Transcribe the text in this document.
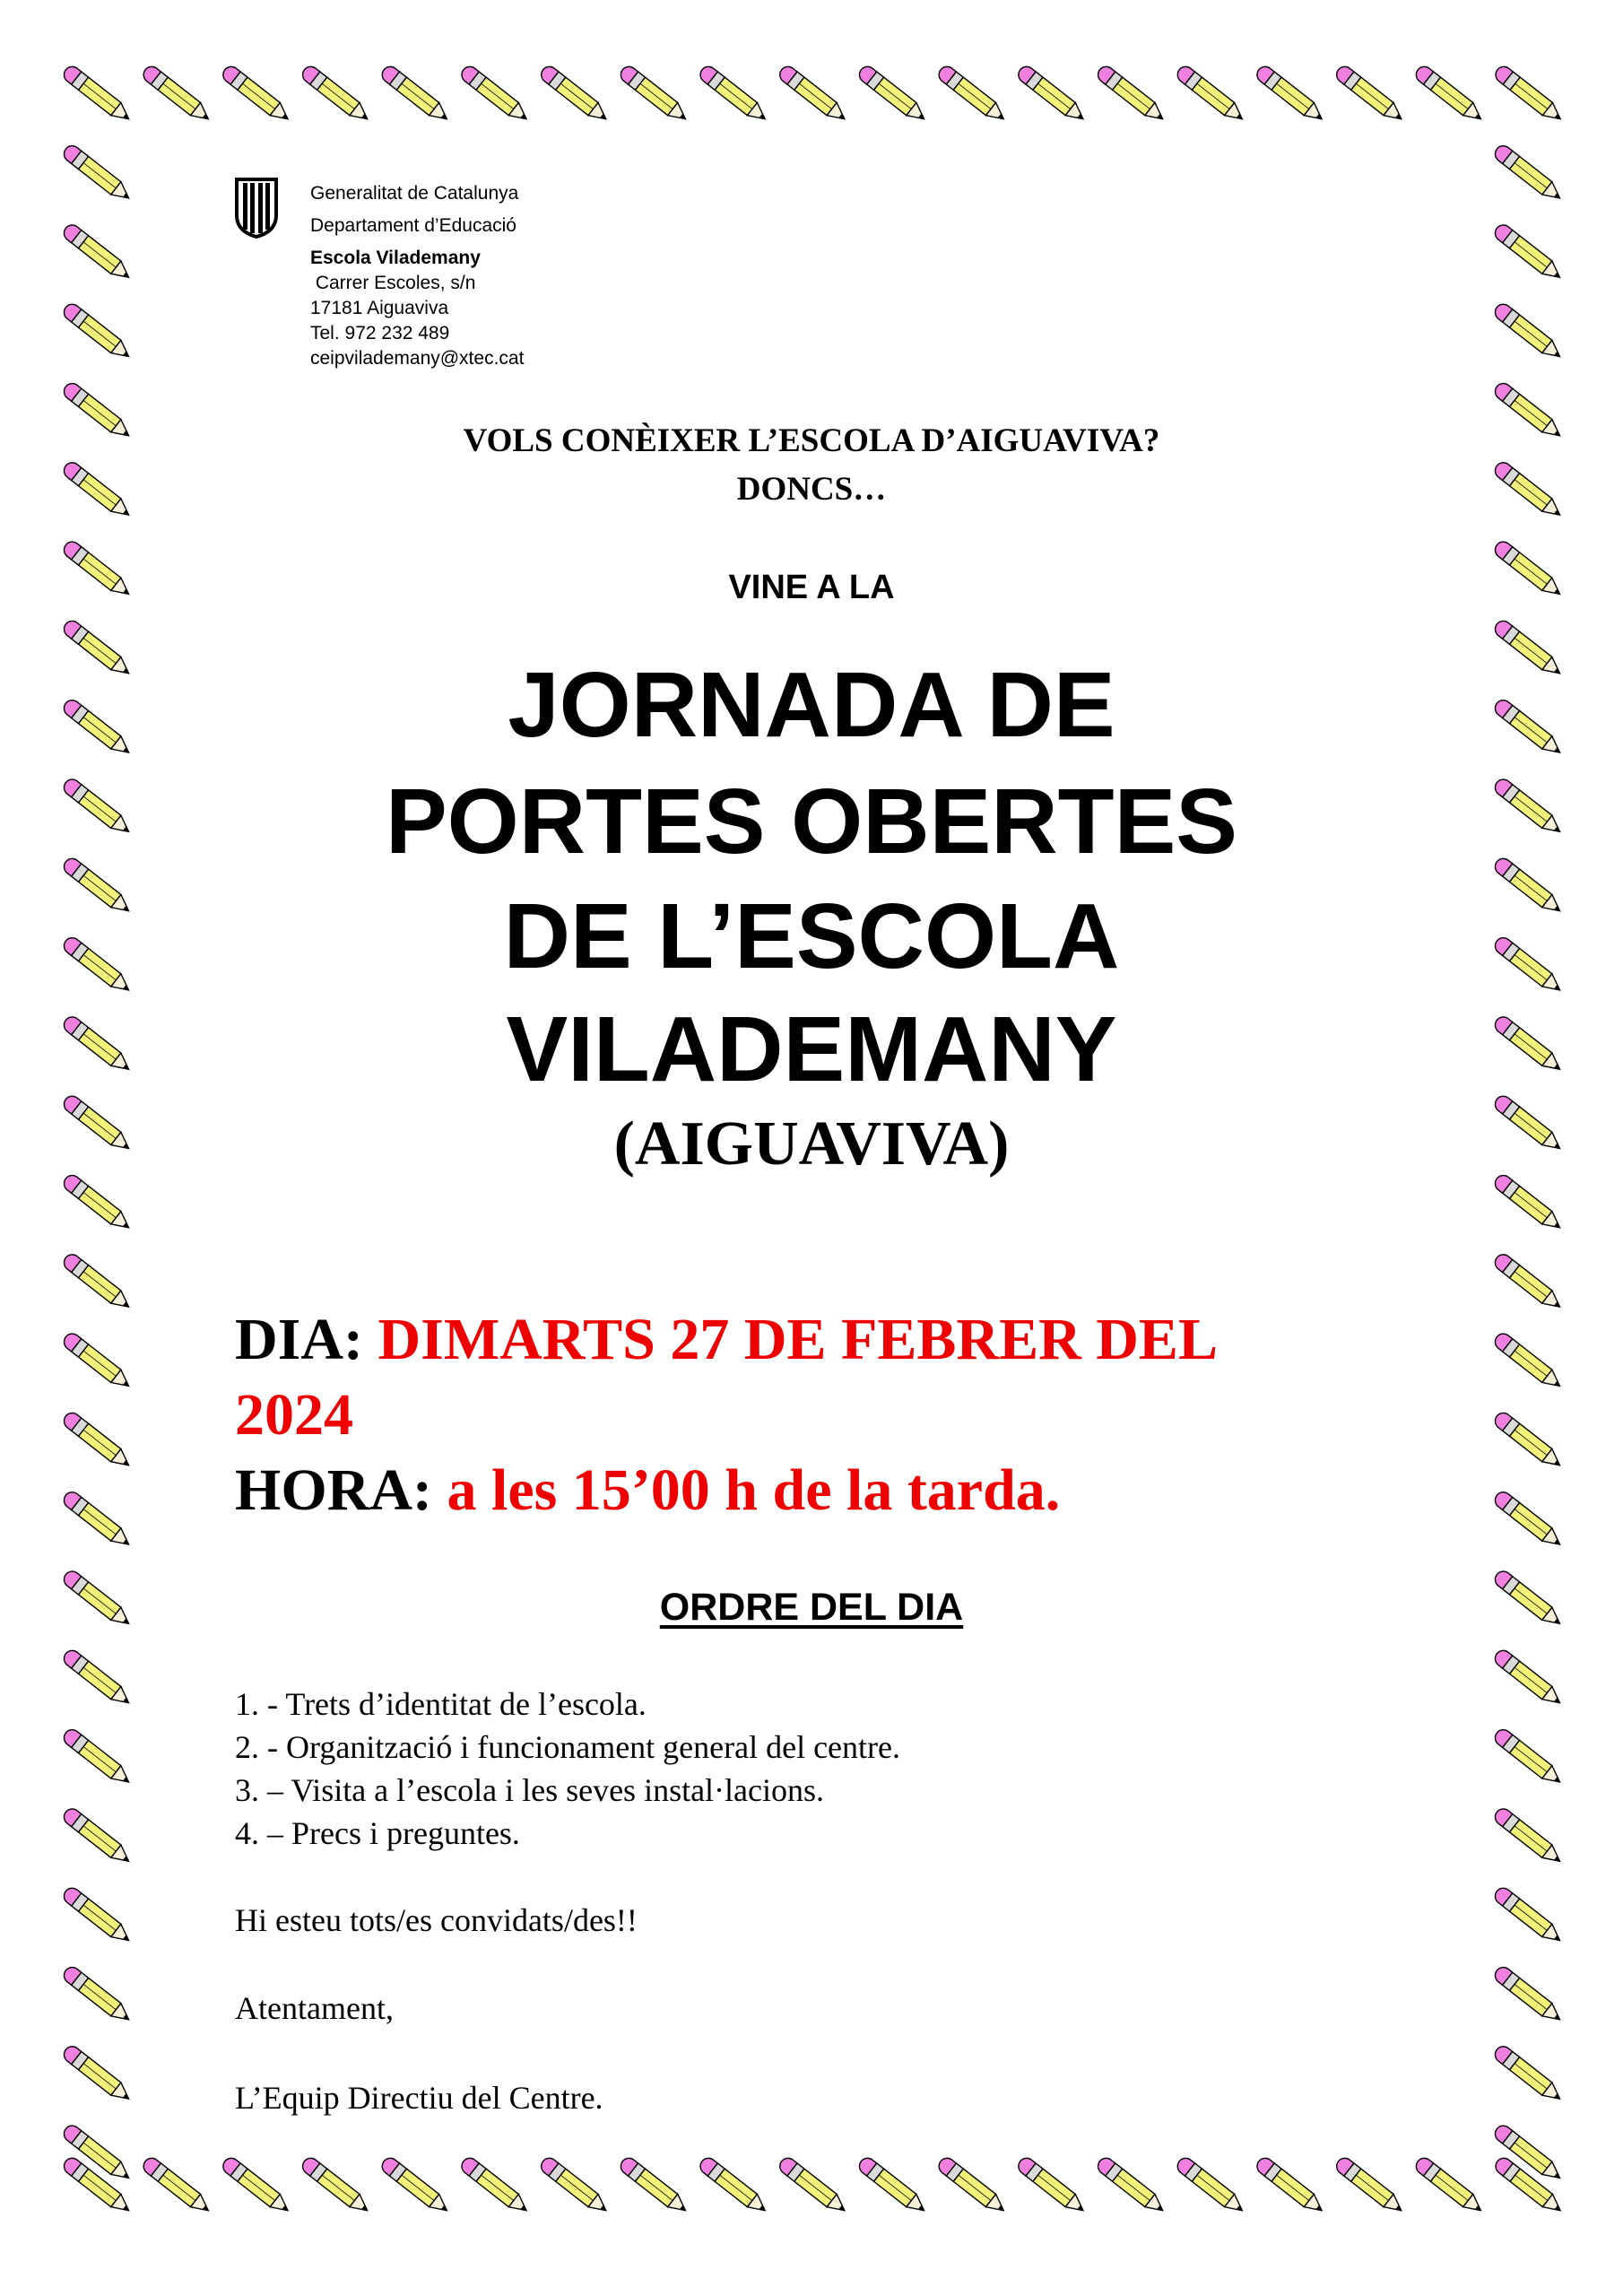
Generalitat de Catalunya
Departament d’Educació
Escola Vilademany
Carrer Escoles, s/n
17181 Aiguaviva
Tel. 972 232 489
ceipvilademany@xtec.cat
VOLS CONÈIXER L’ESCOLA D’AIGUAVIVA?
DONCS…
VINE A LA
JORNADA DE
PORTES OBERTES
DE L’ESCOLA
VILADEMANY
(AIGUAVIVA)
DIA: DIMARTS 27 DE FEBRER DEL
2024
HORA: a les 15’00 h de la tarda.
ORDRE DEL DIA
1. - Trets d’identitat de l’escola.
2. - Organització i funcionament general del centre.
3. – Visita a l’escola i les seves instal·lacions.
4. – Precs i preguntes.
Hi esteu tots/es convidats/des!!
Atentament,
L’Equip Directiu del Centre.
